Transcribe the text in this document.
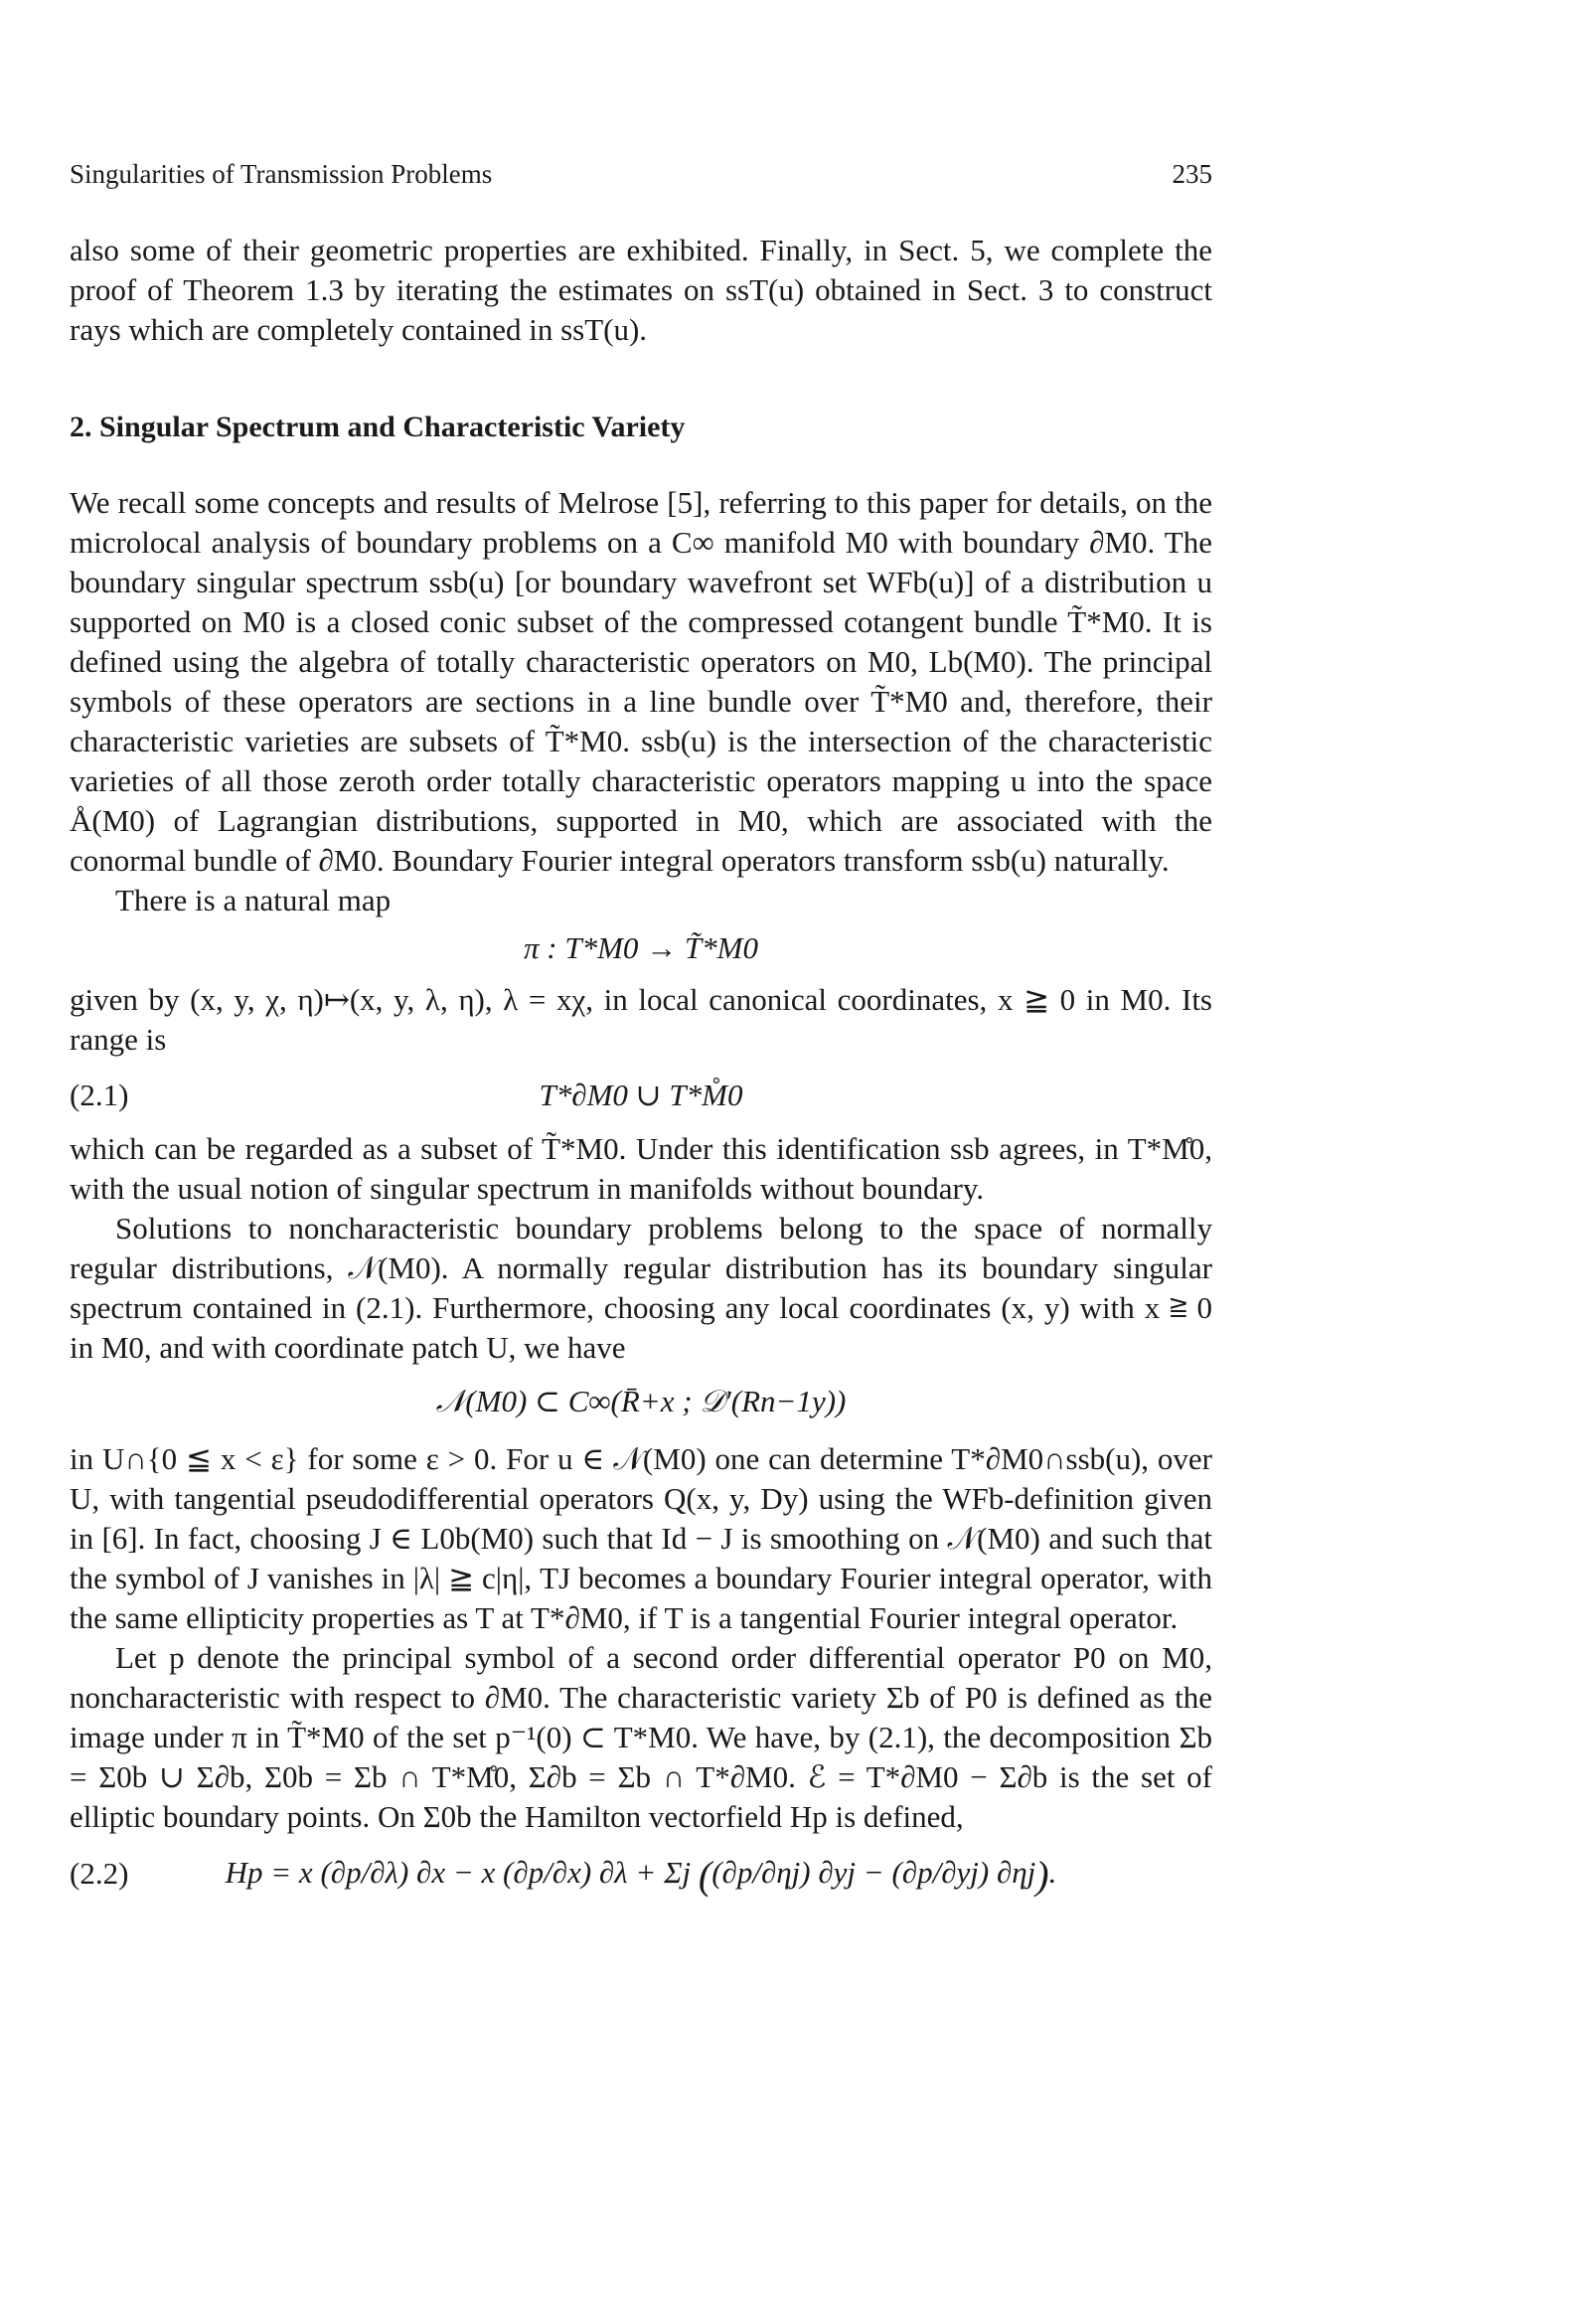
Singularities of Transmission Problems	235

also some of their geometric properties are exhibited. Finally, in Sect. 5, we complete the proof of Theorem 1.3 by iterating the estimates on ssT(u) obtained in Sect. 3 to construct rays which are completely contained in ssT(u).

2. Singular Spectrum and Characteristic Variety

We recall some concepts and results of Melrose [5], referring to this paper for details, on the microlocal analysis of boundary problems on a C∞ manifold M0 with boundary ∂M0. The boundary singular spectrum ssb(u) [or boundary wavefront set WFb(u)] of a distribution u supported on M0 is a closed conic subset of the compressed cotangent bundle T̃*M0. It is defined using the algebra of totally characteristic operators on M0, Lb(M0). The principal symbols of these operators are sections in a line bundle over T̃*M0 and, therefore, their characteristic varieties are subsets of T̃*M0. ssb(u) is the intersection of the characteristic varieties of all those zeroth order totally characteristic operators mapping u into the space Å(M0) of Lagrangian distributions, supported in M0, which are associated with the conormal bundle of ∂M0. Boundary Fourier integral operators transform ssb(u) naturally.

There is a natural map

π : T*M0 → T̃*M0

given by (x, y, χ, η)↦(x, y, λ, η), λ = xχ, in local canonical coordinates, x ≧ 0 in M0. Its range is

(2.1)	T*∂M0 ∪ T*M̊0

which can be regarded as a subset of T̃*M0. Under this identification ssb agrees, in T*M̊0, with the usual notion of singular spectrum in manifolds without boundary.

Solutions to noncharacteristic boundary problems belong to the space of normally regular distributions, 𝒩(M0). A normally regular distribution has its boundary singular spectrum contained in (2.1). Furthermore, choosing any local coordinates (x, y) with x ≧ 0 in M0, and with coordinate patch U, we have

𝒩(M0) ⊂ C∞(R̄+x ; 𝒟′(Rn−1y))

in U∩{0 ≦ x < ε} for some ε > 0. For u ∈ 𝒩(M0) one can determine T*∂M0∩ssb(u), over U, with tangential pseudodifferential operators Q(x, y, Dy) using the WFb-definition given in [6]. In fact, choosing J ∈ L0b(M0) such that Id − J is smoothing on 𝒩(M0) and such that the symbol of J vanishes in |λ| ≧ c|η|, TJ becomes a boundary Fourier integral operator, with the same ellipticity properties as T at T*∂M0, if T is a tangential Fourier integral operator.

Let p denote the principal symbol of a second order differential operator P0 on M0, noncharacteristic with respect to ∂M0. The characteristic variety Σb of P0 is defined as the image under π in T̃*M0 of the set p⁻¹(0) ⊂ T*M0. We have, by (2.1), the decomposition Σb = Σ0b ∪ Σ∂b, Σ0b = Σb ∩ T*M̊0, Σ∂b = Σb ∩ T*∂M0. ℰ = T*∂M0 − Σ∂b is the set of elliptic boundary points. On Σ0b the Hamilton vectorfield Hp is defined,

(2.2)	Hp = x (∂p/∂λ) ∂x − x (∂p/∂x) ∂λ + Σj ((∂p/∂ηj) ∂yj − (∂p/∂yj) ∂ηj).
